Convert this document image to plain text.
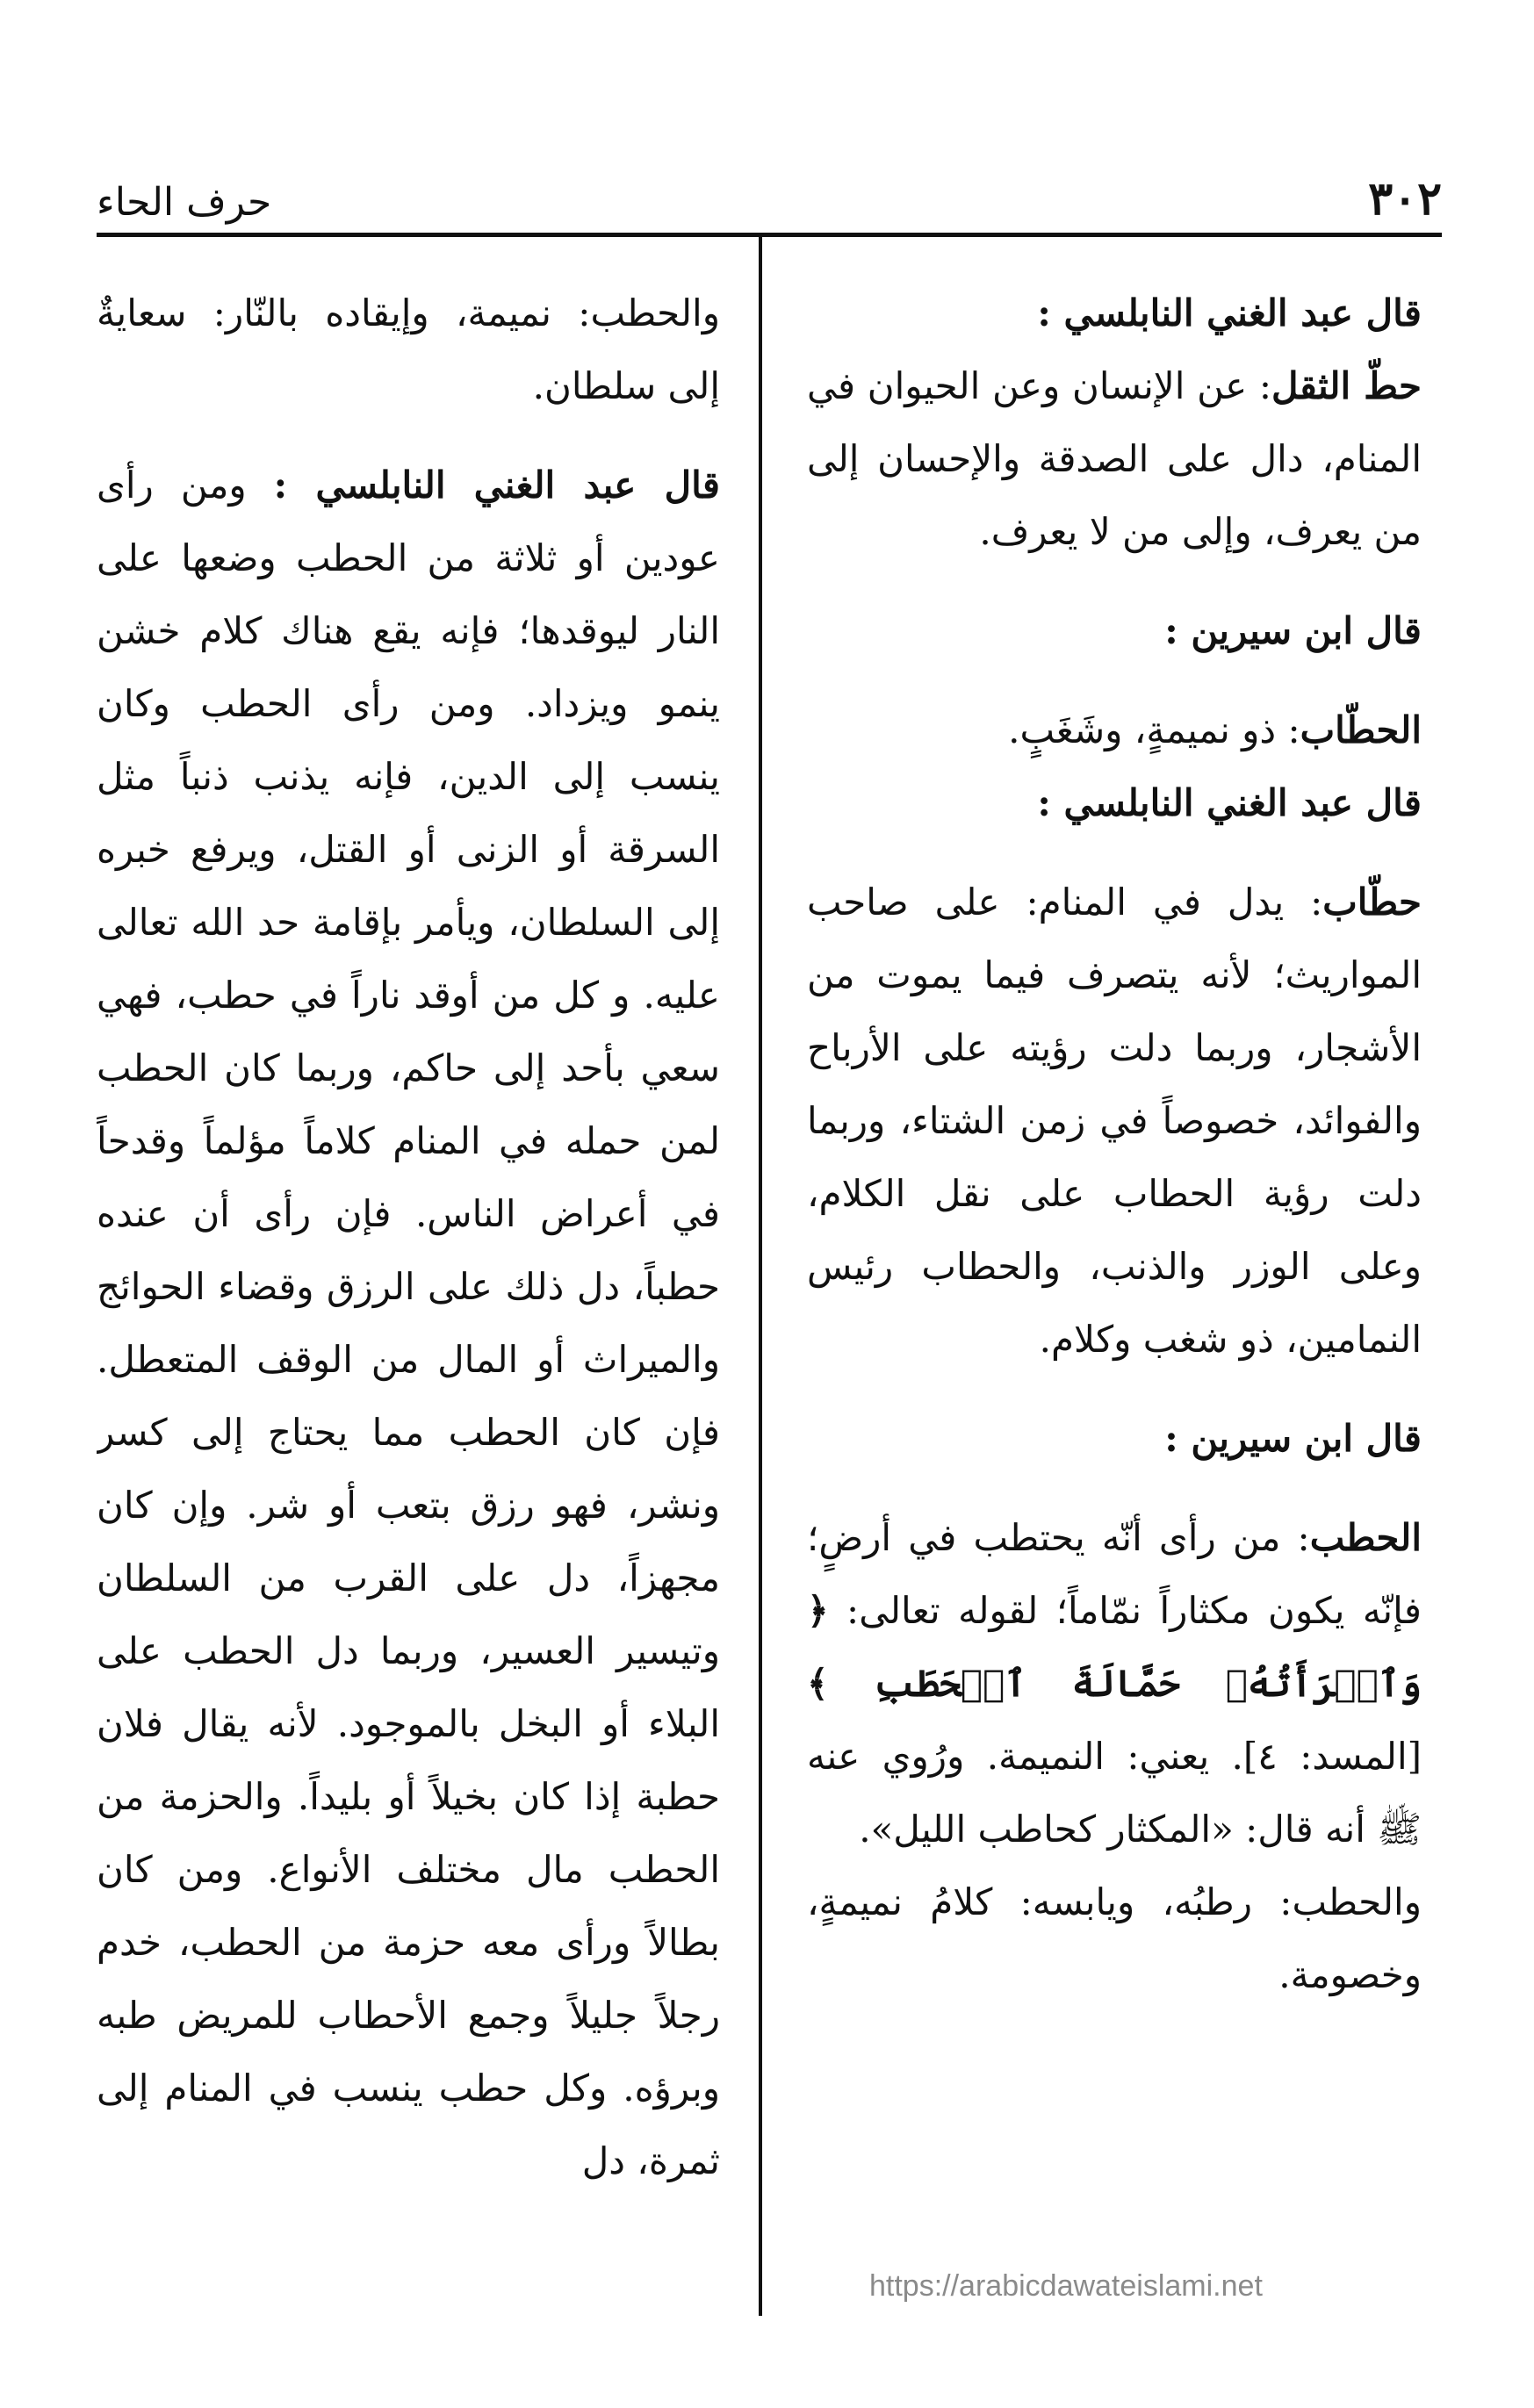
٣٠٢
حرف الحاء

قال عبد الغني النابلسي :

حطّ الثقل: عن الإنسان وعن الحيوان في المنام، دال على الصدقة والإحسان إلى من يعرف، وإلى من لا يعرف.

قال ابن سيرين :

الحطّاب: ذو نميمةٍ، وشَغَبٍ.

قال عبد الغني النابلسي :

حطّاب: يدل في المنام: على صاحب المواريث؛ لأنه يتصرف فيما يموت من الأشجار، وربما دلت رؤيته على الأرباح والفوائد، خصوصاً في زمن الشتاء، وربما دلت رؤية الحطاب على نقل الكلام، وعلى الوزر والذنب، والحطاب رئيس النمامين، ذو شغب وكلام.

قال ابن سيرين :

الحطب: من رأى أنّه يحتطب في أرضٍ؛ فإنّه يكون مكثاراً نمّاماً؛ لقوله تعالى: ﴿ وَٱمۡرَأَتُهُۥ حَمَّالَةَ ٱلۡحَطَبِ ﴾ [المسد: ٤]. يعني: النميمة. ورُوي عنه ﷺ أنه قال: «المكثار كحاطب الليل».

والحطب: رطبُه، ويابسه: كلامُ نميمةٍ، وخصومة.

والحطب: نميمة، وإيقاده بالنّار: سعايةٌ إلى سلطان.

قال عبد الغني النابلسي : ومن رأى عودين أو ثلاثة من الحطب وضعها على النار ليوقدها؛ فإنه يقع هناك كلام خشن ينمو ويزداد. ومن رأى الحطب وكان ينسب إلى الدين، فإنه يذنب ذنباً مثل السرقة أو الزنى أو القتل، ويرفع خبره إلى السلطان، ويأمر بإقامة حد الله تعالى عليه. و كل من أوقد ناراً في حطب، فهي سعي بأحد إلى حاكم، وربما كان الحطب لمن حمله في المنام كلاماً مؤلماً وقدحاً في أعراض الناس. فإن رأى أن عنده حطباً، دل ذلك على الرزق وقضاء الحوائج والميراث أو المال من الوقف المتعطل. فإن كان الحطب مما يحتاج إلى كسر ونشر، فهو رزق بتعب أو شر. وإن كان مجهزاً، دل على القرب من السلطان وتيسير العسير، وربما دل الحطب على البلاء أو البخل بالموجود. لأنه يقال فلان حطبة إذا كان بخيلاً أو بليداً. والحزمة من الحطب مال مختلف الأنواع. ومن كان بطالاً ورأى معه حزمة من الحطب، خدم رجلاً جليلاً وجمع الأحطاب للمريض طبه وبرؤه. وكل حطب ينسب في المنام إلى ثمرة، دل

https://arabicdawateislami.net
